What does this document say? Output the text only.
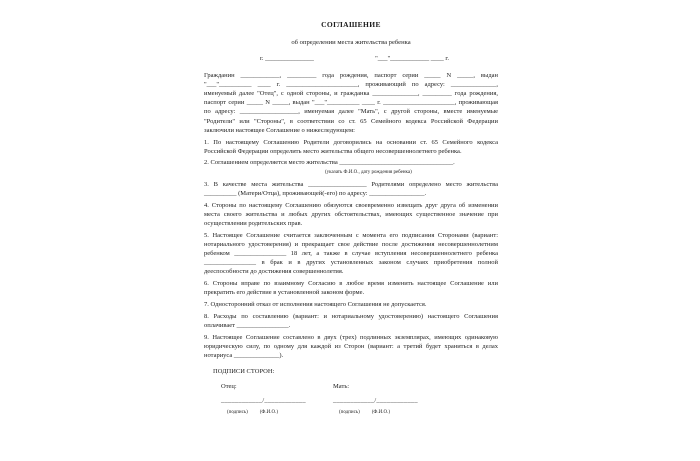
СОГЛАШЕНИЕ
об определении места жительства ребенка
г. _______________	"___"____________ ____ г.

Гражданин ____________, _________ года рождения, паспорт серии _____ N _____, выдан "___"__________ ____ г. ______________________, проживающий по адресу: ______________, именуемый далее "Отец", с одной стороны, и гражданка ______________, _________ года рождения, паспорт серии _____ N _____, выдан "___"__________ ____ г. ______________________, проживающая по адресу: __________________, именуемая далее "Мать", с другой стороны, вместе именуемые "Родители" или "Стороны", в соответствии со ст. 65 Семейного кодекса Российской Федерации заключили настоящее Соглашение о нижеследующем:

1. По настоящему Соглашению Родители договорились на основании ст. 65 Семейного кодекса Российской Федерации определить место жительства общего несовершеннолетнего ребенка.

2. Соглашением определяется место жительства ___________________________________.

(указать Ф.И.О., дату рождения ребенка)

3. В качестве места жительства __________________ Родителями определено место жительства __________ (Матери/Отца), проживающей(-его) по адресу: _________________.

4. Стороны по настоящему Соглашению обязуются своевременно извещать друг друга об изменении места своего жительства и любых других обстоятельствах, имеющих существенное значение при осуществлении родительских прав.

5. Настоящее Соглашение считается заключенным с момента его подписания Сторонами (вариант: нотариального удостоверения) и прекращает свое действие после достижения несовершеннолетним ребенком ________________ 18 лет, а также в случае вступления несовершеннолетнего ребенка ________________ в брак и в других установленных законом случаях приобретения полной дееспособности до достижения совершеннолетия.

6. Стороны вправе по взаимному Согласию в любое время изменить настоящее Соглашение или прекратить его действие в установленной законом форме.

7. Односторонний отказ от исполнения настоящего Соглашения не допускается.

8. Расходы по составлению (вариант: и нотариальному удостоверению) настоящего Соглашения оплачивает ________________.

9. Настоящее Соглашение составлено в двух (трех) подлинных экземплярах, имеющих одинаковую юридическую силу, по одному для каждой из Сторон (вариант: а третий будет храниться в делах нотариуса ______________).

ПОДПИСИ СТОРОН:
Отец:
____________/____________
(подпись) (Ф.И.О.)
Мать:
____________/____________
(подпись) (Ф.И.О.)
